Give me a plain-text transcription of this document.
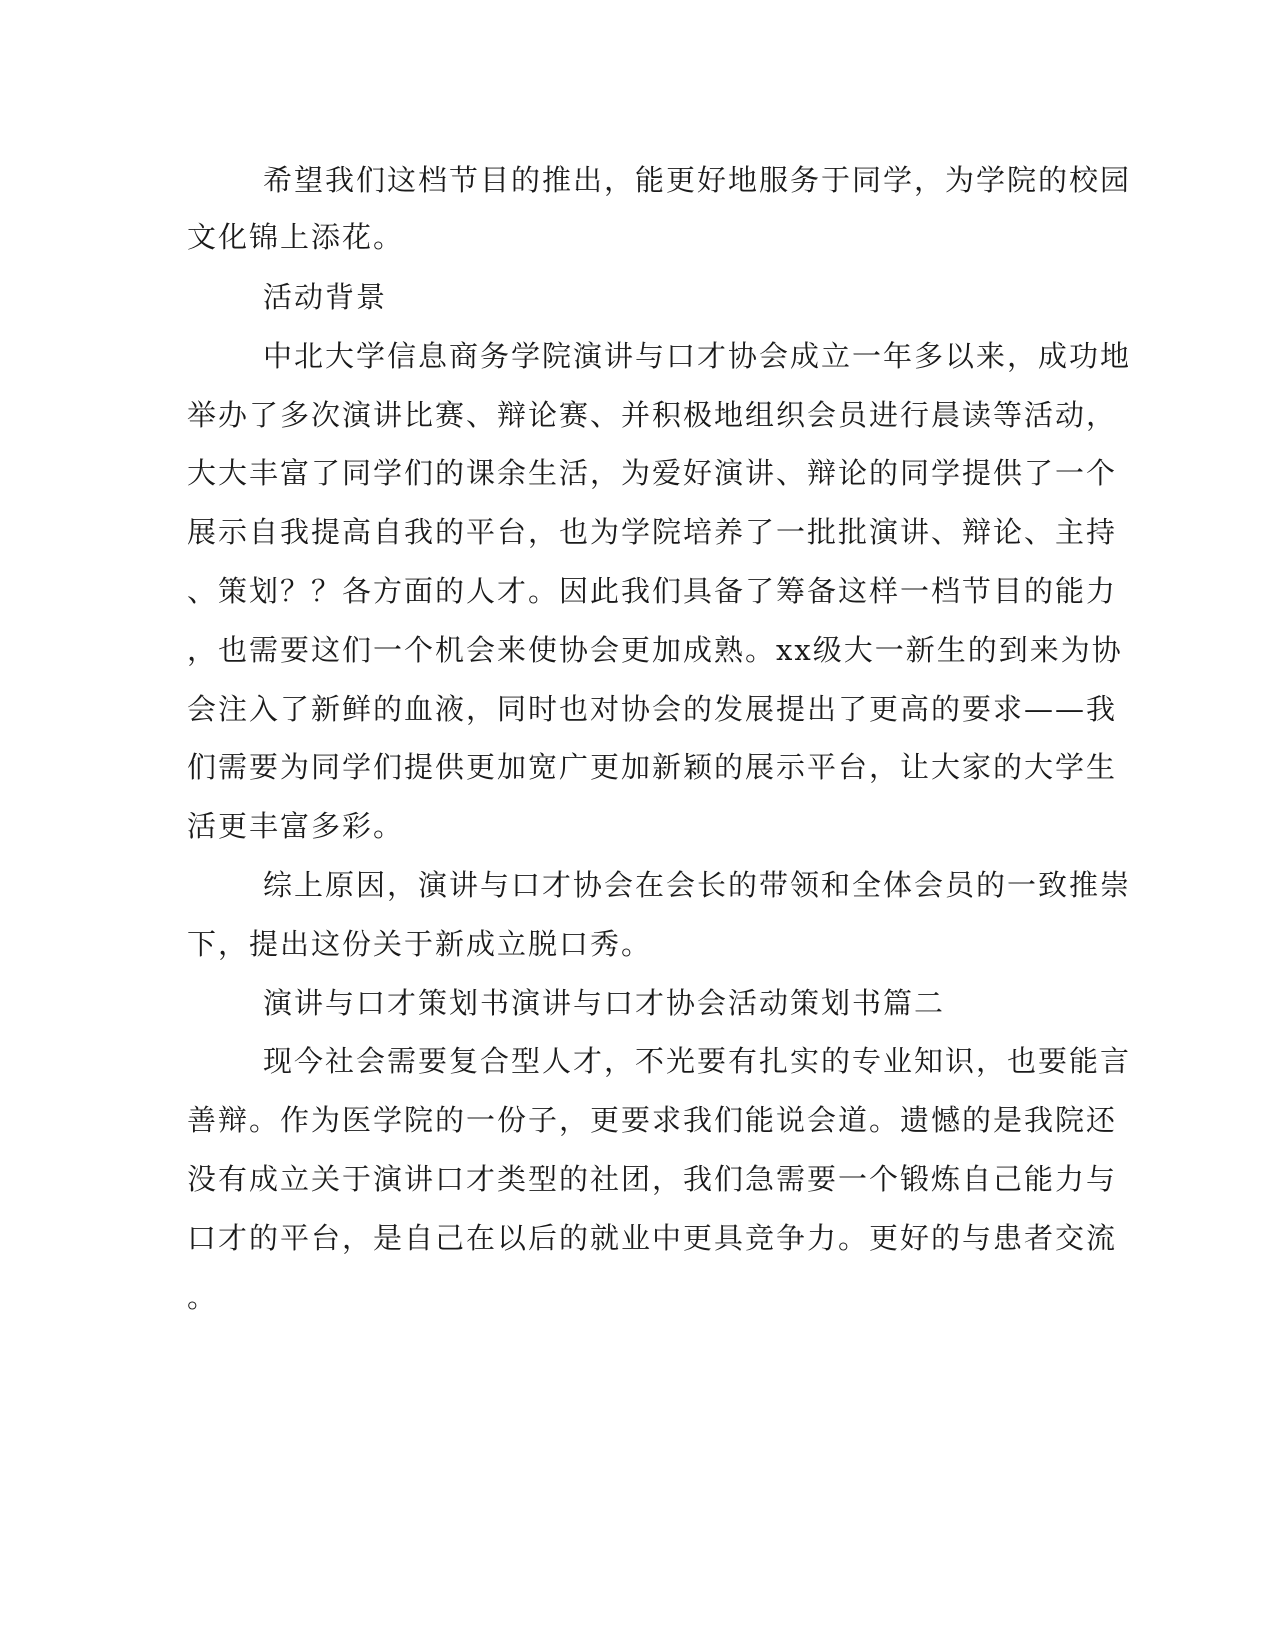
希望我们这档节目的推出，能更好地服务于同学，为学院的校园
文化锦上添花。
活动背景
中北大学信息商务学院演讲与口才协会成立一年多以来，成功地
举办了多次演讲比赛、辩论赛、并积极地组织会员进行晨读等活动，
大大丰富了同学们的课余生活，为爱好演讲、辩论的同学提供了一个
展示自我提高自我的平台，也为学院培养了一批批演讲、辩论、主持
、策划？？各方面的人才。因此我们具备了筹备这样一档节目的能力
，也需要这们一个机会来使协会更加成熟。xx级大一新生的到来为协
会注入了新鲜的血液，同时也对协会的发展提出了更高的要求——我
们需要为同学们提供更加宽广更加新颖的展示平台，让大家的大学生
活更丰富多彩。
综上原因，演讲与口才协会在会长的带领和全体会员的一致推崇
下，提出这份关于新成立脱口秀。
演讲与口才策划书演讲与口才协会活动策划书篇二
现今社会需要复合型人才，不光要有扎实的专业知识，也要能言
善辩。作为医学院的一份子，更要求我们能说会道。遗憾的是我院还
没有成立关于演讲口才类型的社团，我们急需要一个锻炼自己能力与
口才的平台，是自己在以后的就业中更具竞争力。更好的与患者交流
。
